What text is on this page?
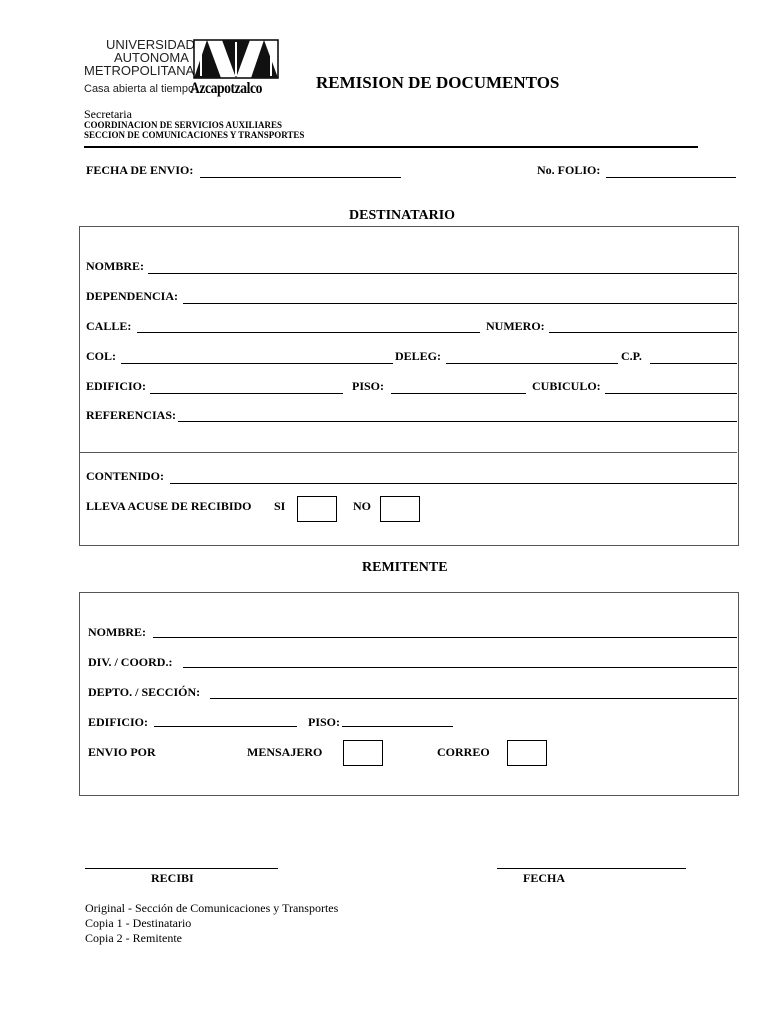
UNIVERSIDAD
AUTONOMA
METROPOLITANA
Casa abierta al tiempo
Azcapotzalco	REMISION DE DOCUMENTOS
Secretaria
COORDINACION DE SERVICIOS AUXILIARES
SECCION DE COMUNICACIONES Y TRANSPORTES
FECHA DE ENVIO:	No. FOLIO:
DESTINATARIO
NOMBRE:
DEPENDENCIA:
CALLE:	NUMERO:
COL:	DELEG:	C.P.
EDIFICIO:	PISO:	CUBICULO:
REFERENCIAS:
CONTENIDO:
LLEVA ACUSE DE RECIBIDO SI	NO
REMITENTE
NOMBRE:
DIV. / COORD.:
DEPTO. / SECCIÓN:
EDIFICIO:	PISO:
ENVIO POR	MENSAJERO	CORREO
RECIBI	FECHA
Original - Sección de Comunicaciones y Transportes
Copia 1 - Destinatario
Copia 2 - Remitente
